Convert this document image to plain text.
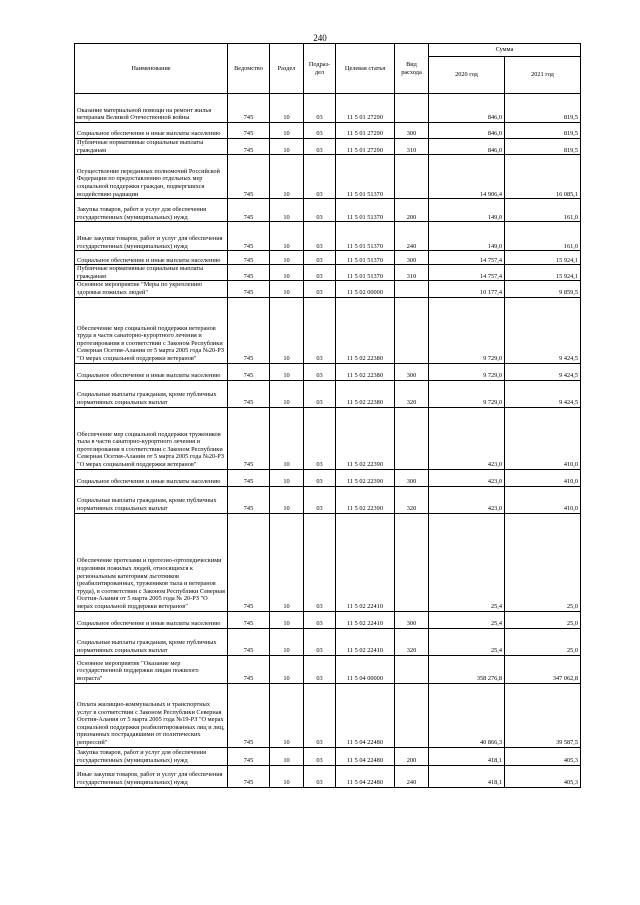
240
Наименование	Ведомство	Раздел	Подраз-дел	Целевая статья	Вид расхода	Сумма	
						2020 год	2021 год
Оказание материальной помощи на ремонт жилья ветеранам Великой Отечественной войны	745	10	03	11 5 01 27290		846,0	819,5
Социальное обеспечение и иные выплаты населению	745	10	03	11 5 01 27290	300	846,0	819,5
Публичные нормативные социальные выплаты гражданам	745	10	03	11 5 01 27290	310	846,0	819,5
Осуществление переданных полномочий Российской Федерации по предоставлению отдельных мер социальной поддержки граждан, подвергшихся воздействию радиации	745	10	03	11 5 01 51370		14 906,4	16 085,1
Закупка товаров, работ и услуг для обеспечения государственных (муниципальных) нужд	745	10	03	11 5 01 51370	200	149,0	161,0
Иные закупки товаров, работ и услуг для обеспечения государственных (муниципальных) нужд	745	10	03	11 5 01 51370	240	149,0	161,0
Социальное обеспечение и иные выплаты населению	745	10	03	11 5 01 51370	300	14 757,4	15 924,1
Публичные нормативные социальные выплаты гражданам	745	10	03	11 5 01 51370	310	14 757,4	15 924,1
Основное мероприятие "Меры по укреплению здоровья пожилых людей"	745	10	03	11 5 02 00000		10 177,4	9 859,5
Обеспечение мер социальной поддержки ветеранов труда в части санаторно-курортного лечения и протезирования в соответствии с Законом Республики Северная Осетия-Алания от 5 марта 2005 года №20-РЗ "О мерах социальной поддержки ветеранов"	745	10	03	11 5 02 22380		9 729,0	9 424,5
Социальное обеспечение и иные выплаты населению	745	10	03	11 5 02 22380	300	9 729,0	9 424,5
Социальные выплаты гражданам, кроме публичных нормативных социальных выплат	745	10	03	11 5 02 22380	320	9 729,0	9 424,5
Обеспечение мер социальной поддержки тружеников тыла в части санаторно-курортного лечения и протезирования в соответствии с Законом Республики Северная Осетия-Алания от 5 марта 2005 года №20-РЗ "О мерах социальной поддержки ветеранов"	745	10	03	11 5 02 22390		423,0	410,0
Социальное обеспечение и иные выплаты населению	745	10	03	11 5 02 22390	300	423,0	410,0
Социальные выплаты гражданам, кроме публичных нормативных социальных выплат	745	10	03	11 5 02 22390	320	423,0	410,0
Обеспечение протезами и протезно-ортопедическими изделиями пожилых людей, относящихся к региональным категориям льготников (реабилитированных, тружеников тыла и ветеранов труда), в соответствии с Законом Республики Северная Осетия-Алания от 5 марта 2005 года № 20-РЗ "О мерах социальной поддержки ветеранов"	745	10	03	11 5 02 22410		25,4	25,0
Социальное обеспечение и иные выплаты населению	745	10	03	11 5 02 22410	300	25,4	25,0
Социальные выплаты гражданам, кроме публичных нормативных социальных выплат	745	10	03	11 5 02 22410	320	25,4	25,0
Основное мероприятие "Оказание мер государственной поддержки лицам пожилого возраста"	745	10	03	11 5 04 00000		358 276,8	347 062,8
Оплата жилищно-коммунальных и транспортных услуг в соответствии с Законом Республики Северная Осетия-Алания от 5 марта 2005 года №19-РЗ "О мерах социальной поддержки реабилитированных лиц и лиц, признанных пострадавшими от политических репрессий"	745	10	03	11 5 04 22480		40 866,3	39 587,5
Закупка товаров, работ и услуг для обеспечения государственных (муниципальных) нужд	745	10	03	11 5 04 22480	200	418,1	405,3
Иные закупки товаров, работ и услуг для обеспечения государственных (муниципальных) нужд	745	10	03	11 5 04 22480	240	418,1	405,3
